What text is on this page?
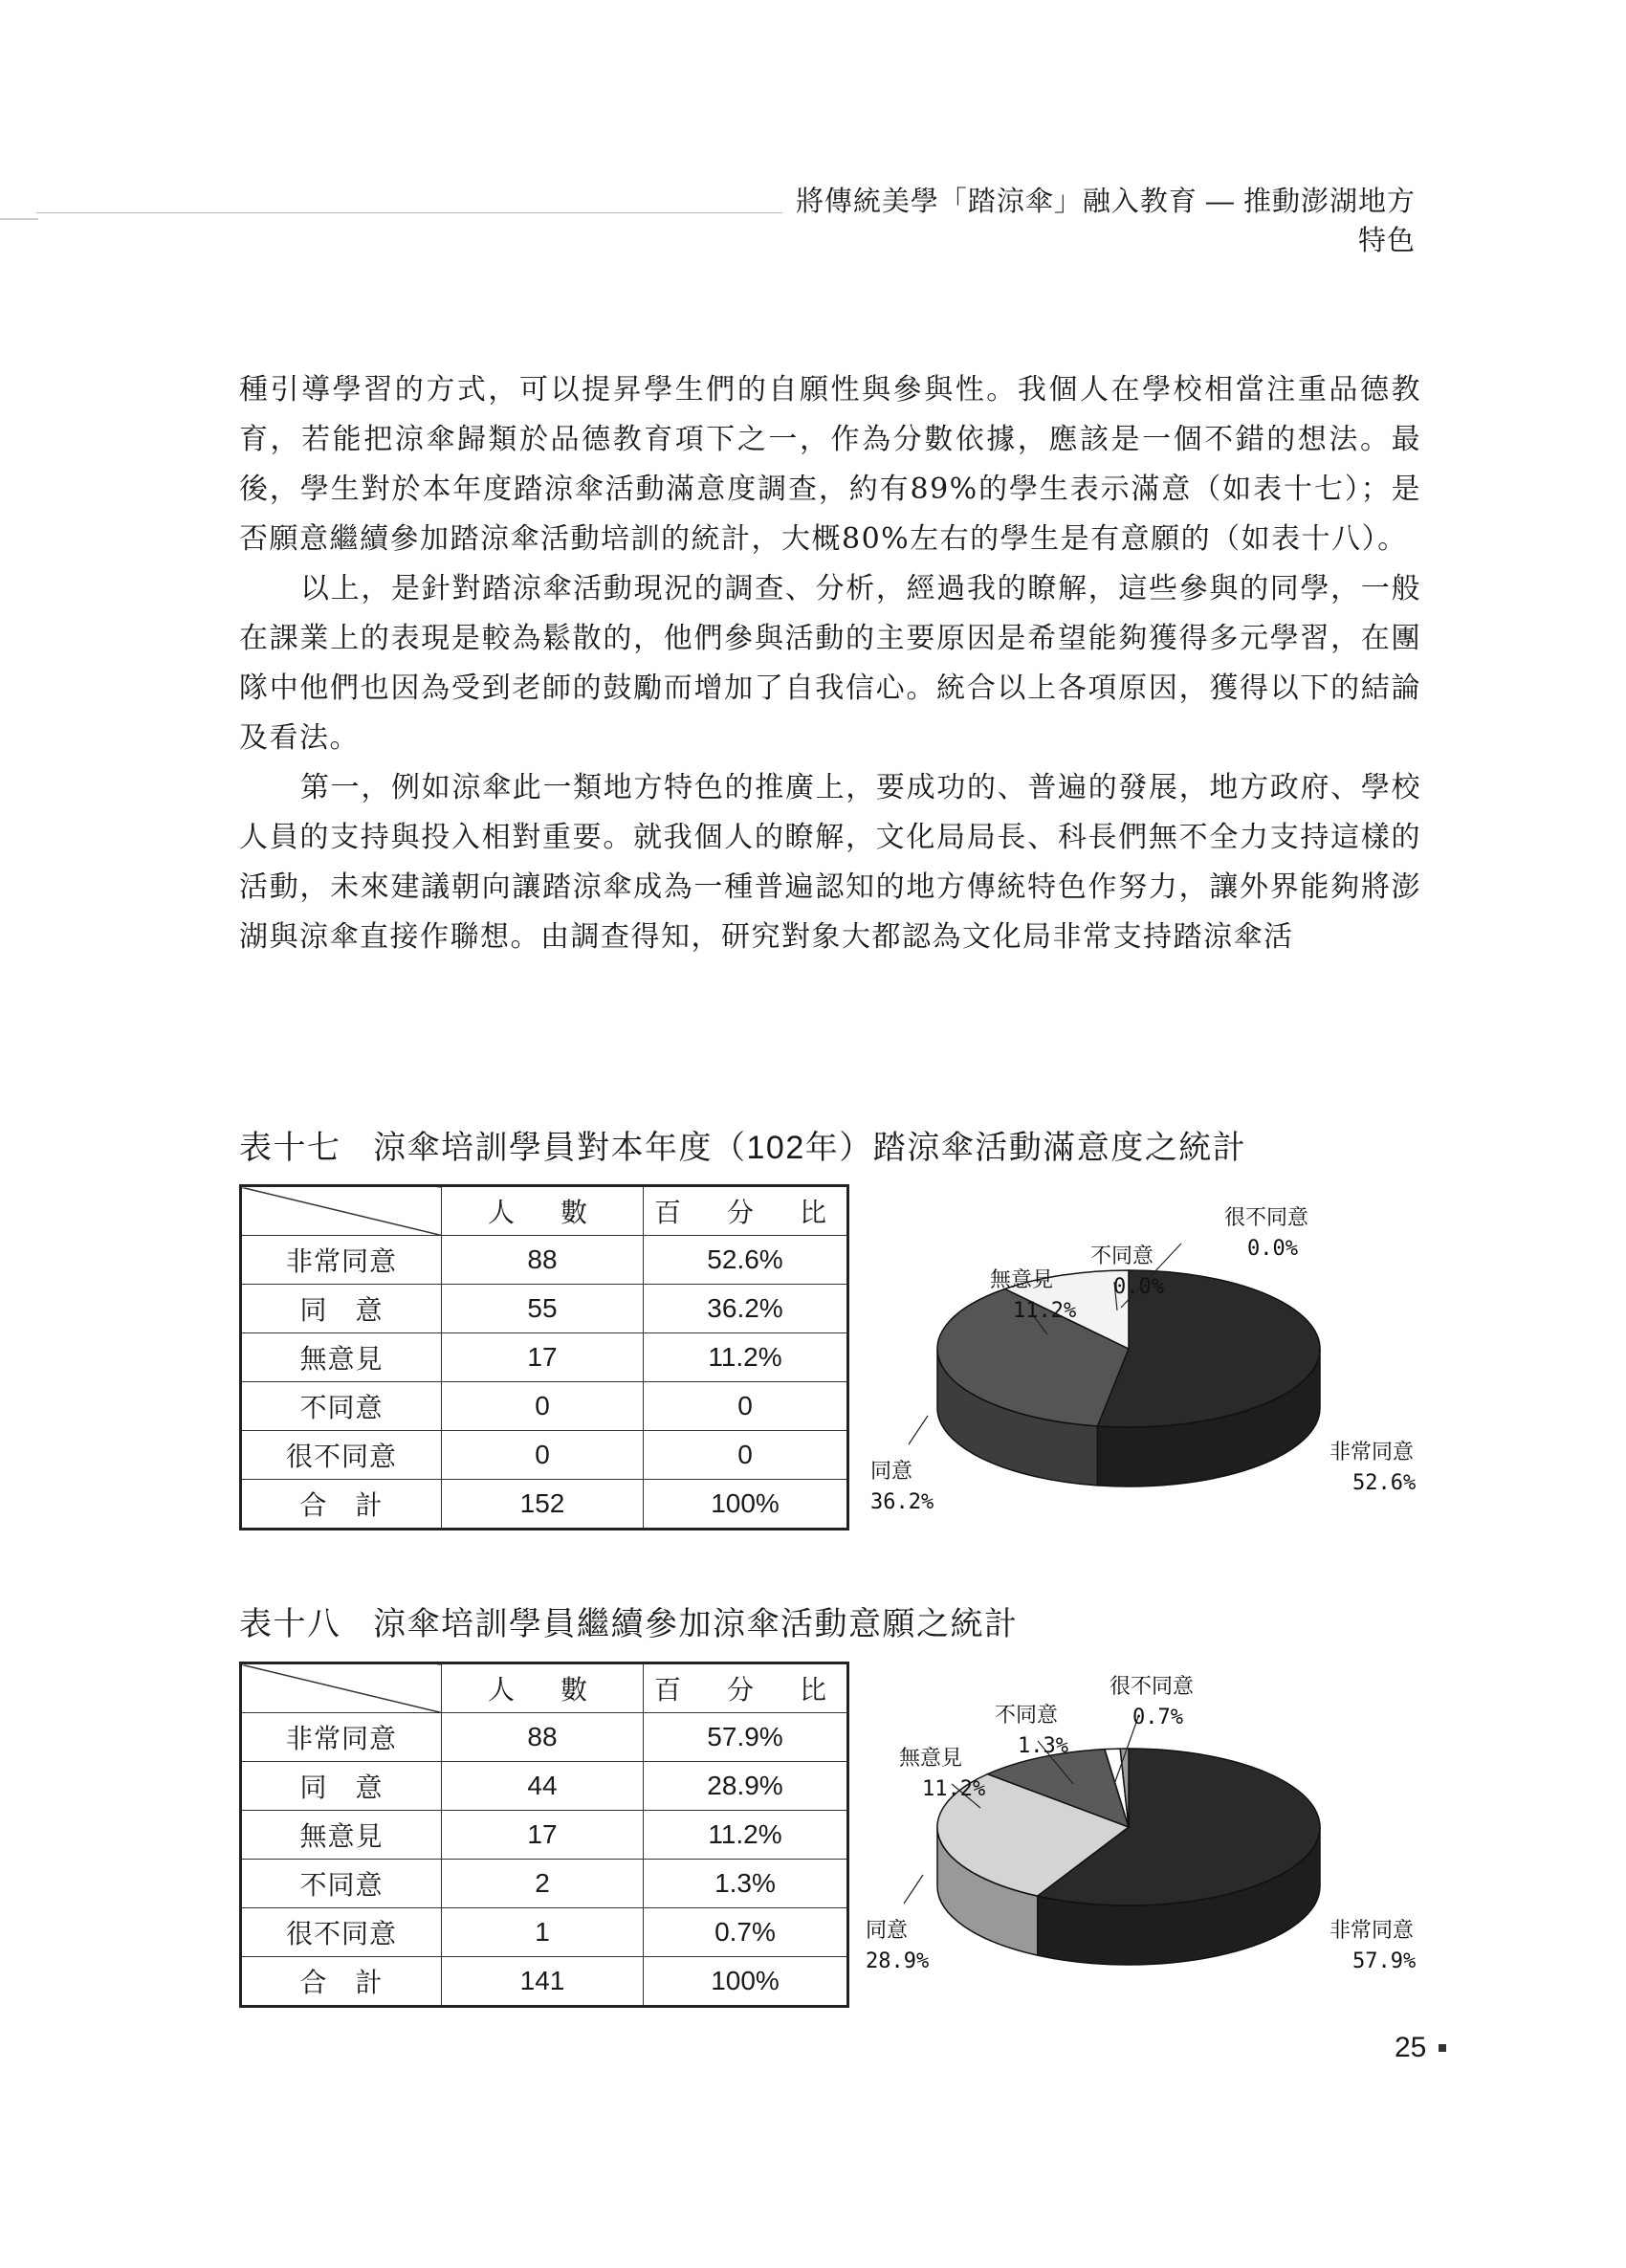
將傳統美學「踏涼傘」融入教育 — 推動澎湖地方特色

種引導學習的方式，可以提昇學生們的自願性與參與性。我個人在學校相當注重品德教育，若能把涼傘歸類於品德教育項下之一，作為分數依據，應該是一個不錯的想法。最後，學生對於本年度踏涼傘活動滿意度調查，約有89%的學生表示滿意（如表十七）；是否願意繼續參加踏涼傘活動培訓的統計，大概80%左右的學生是有意願的（如表十八）。

以上，是針對踏涼傘活動現況的調查、分析，經過我的瞭解，這些參與的同學，一般在課業上的表現是較為鬆散的，他們參與活動的主要原因是希望能夠獲得多元學習，在團隊中他們也因為受到老師的鼓勵而增加了自我信心。統合以上各項原因，獲得以下的結論及看法。

第一，例如涼傘此一類地方特色的推廣上，要成功的、普遍的發展，地方政府、學校人員的支持與投入相對重要。就我個人的瞭解，文化局局長、科長們無不全力支持這樣的活動，未來建議朝向讓踏涼傘成為一種普遍認知的地方傳統特色作努力，讓外界能夠將澎湖與涼傘直接作聯想。由調查得知，研究對象大都認為文化局非常支持踏涼傘活

表十七 涼傘培訓學員對本年度（102年）踏涼傘活動滿意度之統計
	人　數	百　分　比
非常同意	88	52.6%
同　意	55	36.2%
無意見	17	11.2%
不同意	0	0
很不同意	0	0
合　計	152	100%
非常同意
52.6%
同意
36.2%
無意見
11.2%
不同意
0.0%
很不同意
0.0%
表十八 涼傘培訓學員繼續參加涼傘活動意願之統計
	人　數	百　分　比
非常同意	88	57.9%
同　意	44	28.9%
無意見	17	11.2%
不同意	2	1.3%
很不同意	1	0.7%
合　計	141	100%
非常同意
57.9%
同意
28.9%
無意見
11.2%
不同意
1.3%
很不同意
0.7%
25
